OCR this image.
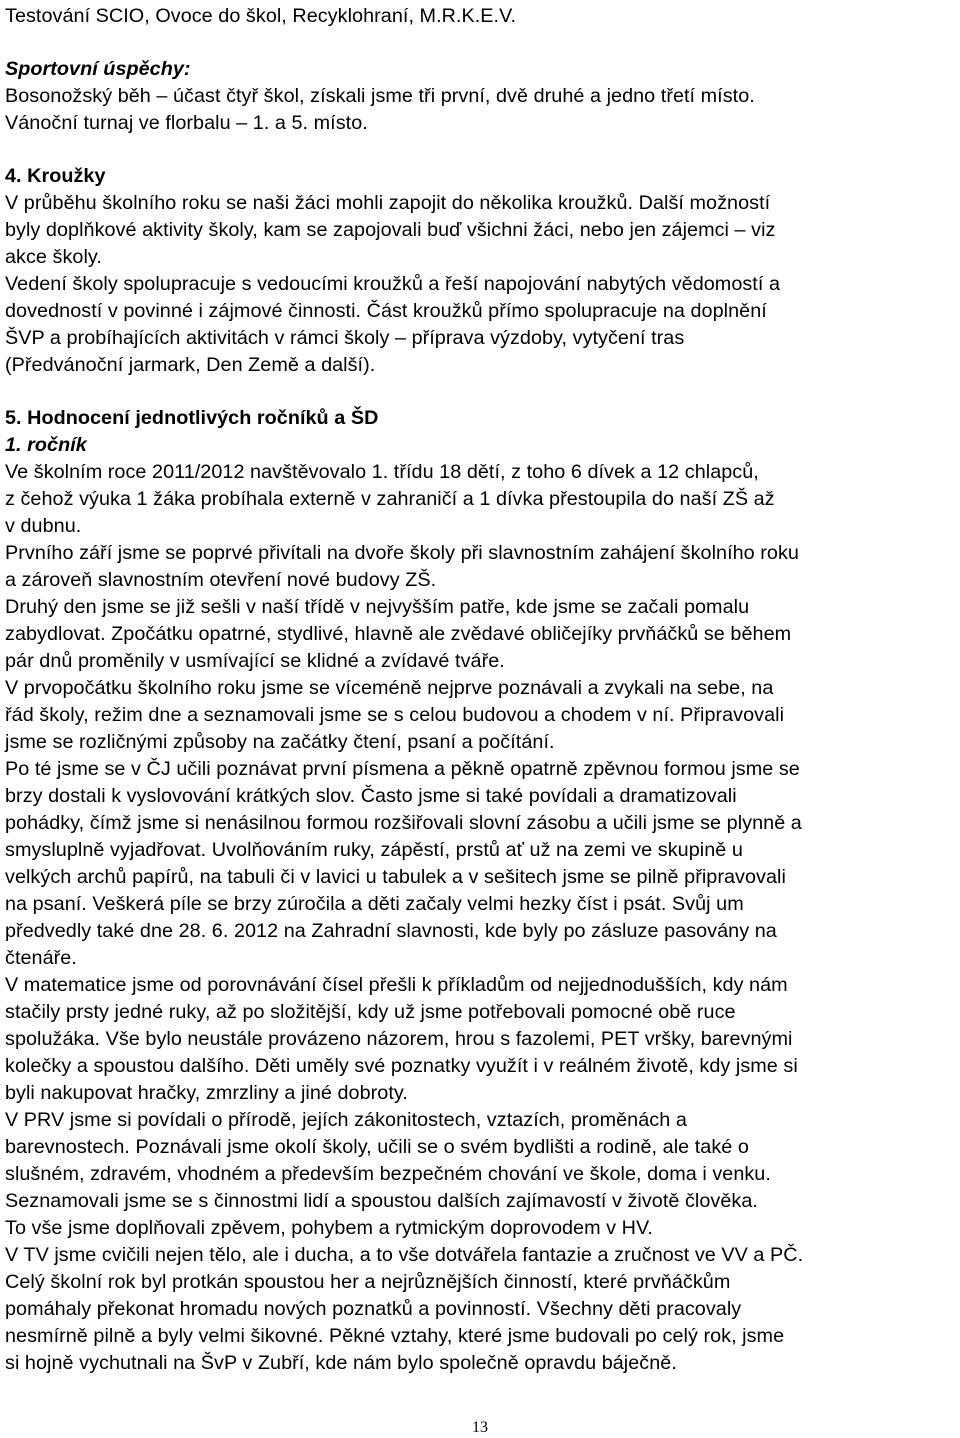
Testování SCIO, Ovoce do škol, Recyklohraní, M.R.K.E.V.
Sportovní úspěchy:
Bosonožský běh – účast čtyř škol, získali jsme tři první, dvě druhé a jedno třetí místo.
Vánoční turnaj ve florbalu – 1. a 5. místo.
4. Kroužky
V průběhu školního roku se naši žáci mohli zapojit do několika kroužků. Další možností
byly doplňkové aktivity školy, kam se zapojovali buď všichni žáci, nebo jen zájemci – viz
akce školy.
Vedení školy spolupracuje s vedoucími kroužků a řeší napojování nabytých vědomostí a
dovedností v povinné i zájmové činnosti. Část kroužků přímo spolupracuje na doplnění
ŠVP a probíhajících aktivitách v rámci školy – příprava výzdoby, vytyčení tras
(Předvánoční jarmark, Den Země a další).
5. Hodnocení jednotlivých ročníků a ŠD
1. ročník
Ve školním roce 2011/2012 navštěvovalo 1. třídu 18 dětí, z toho 6 dívek a 12 chlapců,
z čehož výuka 1 žáka probíhala externě v zahraničí a 1 dívka přestoupila do naší ZŠ až
v dubnu.
Prvního září jsme se poprvé přivítali na dvoře školy při slavnostním zahájení školního roku
a zároveň slavnostním otevření nové budovy ZŠ.
Druhý den jsme se již sešli v naší třídě v nejvyšším patře, kde jsme se začali pomalu
zabydlovat. Zpočátku opatrné, stydlivé, hlavně ale zvědavé obličejíky prvňáčků se během
pár dnů proměnily v usmívající se klidné a zvídavé tváře.
V prvopočátku školního roku jsme se víceméně nejprve poznávali a zvykali na sebe, na
řád školy, režim dne a seznamovali jsme se s celou budovou a chodem v ní. Připravovali
jsme se rozličnými způsoby na začátky čtení, psaní a počítání.
Po té jsme se v ČJ učili poznávat první písmena a pěkně opatrně zpěvnou formou jsme se
brzy dostali k vyslovování krátkých slov. Často jsme si také povídali a dramatizovali
pohádky, čímž jsme si nenásilnou formou rozšiřovali slovní zásobu a učili jsme se plynně a
smysluplně vyjadřovat. Uvolňováním ruky, zápěstí, prstů ať už na zemi ve skupině u
velkých archů papírů, na tabuli či v lavici u tabulek a v sešitech jsme se pilně připravovali
na psaní. Veškerá píle se brzy zúročila a děti začaly velmi hezky číst i psát. Svůj um
předvedly také dne 28. 6. 2012 na Zahradní slavnosti, kde byly po zásluze pasovány na
čtenáře.
V matematice jsme od porovnávání čísel přešli k příkladům od nejjednodušších, kdy nám
stačily prsty jedné ruky, až po složitější, kdy už jsme potřebovali pomocné obě ruce
spolužáka. Vše bylo neustále provázeno názorem, hrou s fazolemi, PET vršky, barevnými
kolečky a spoustou dalšího. Děti uměly své poznatky využít i v reálném životě, kdy jsme si
byli nakupovat hračky, zmrzliny a jiné dobroty.
V PRV jsme si povídali o přírodě, jejích zákonitostech, vztazích, proměnách a
barevnostech. Poznávali jsme okolí školy, učili se o svém bydlišti a rodině, ale také o
slušném, zdravém, vhodném a především bezpečném chování ve škole, doma i venku.
Seznamovali jsme se s činnostmi lidí a spoustou dalších zajímavostí v životě člověka.
To vše jsme doplňovali zpěvem, pohybem a rytmickým doprovodem v HV.
V TV jsme cvičili nejen tělo, ale i ducha, a to vše dotvářela fantazie a zručnost ve VV a PČ.
Celý školní rok byl protkán spoustou her a nejrůznějších činností, které prvňáčkům
pomáhaly překonat hromadu nových poznatků a povinností. Všechny děti pracovaly
nesmírně pilně a byly velmi šikovné. Pěkné vztahy, které jsme budovali po celý rok, jsme
si hojně vychutnali na ŠvP v Zubří, kde nám bylo společně opravdu báječně.
13
